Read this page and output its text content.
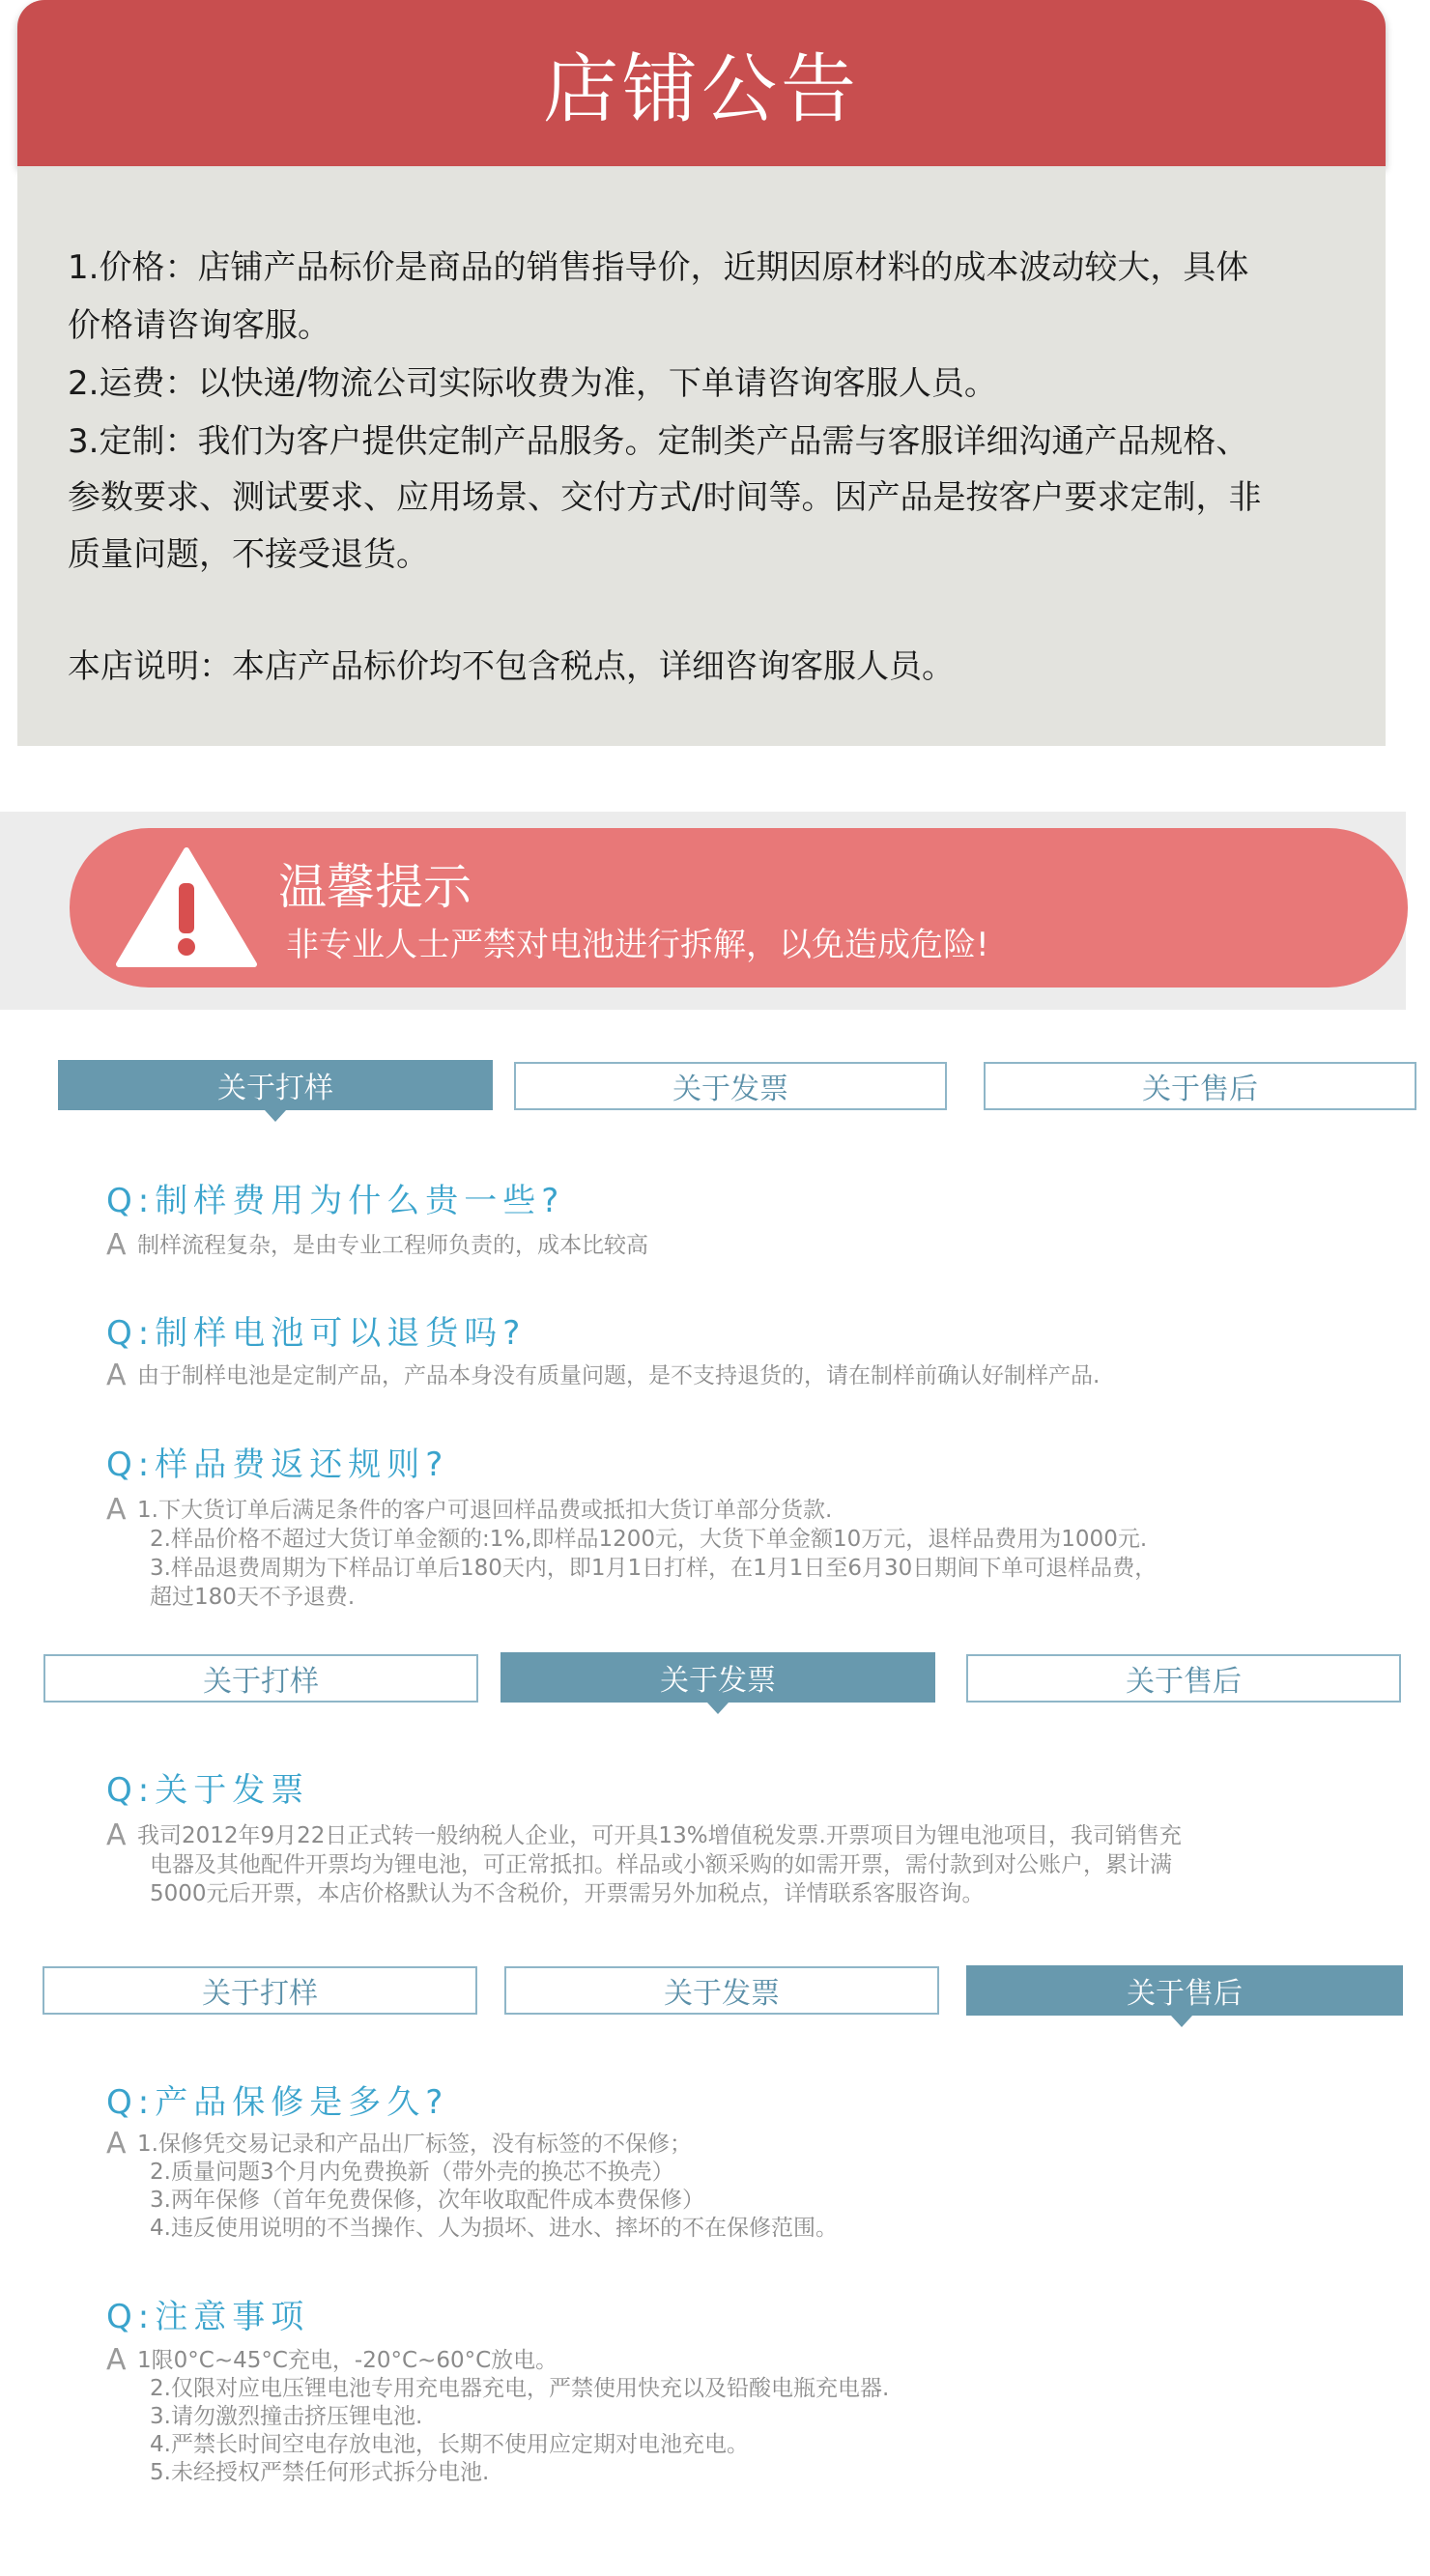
店铺公告
1.价格：店铺产品标价是商品的销售指导价，近期因原材料的成本波动较大，具体
价格请咨询客服。
2.运费：以快递/物流公司实际收费为准，下单请咨询客服人员。
3.定制：我们为客户提供定制产品服务。定制类产品需与客服详细沟通产品规格、
参数要求、测试要求、应用场景、交付方式/时间等。因产品是按客户要求定制，非
质量问题，不接受退货。
本店说明：本店产品标价均不包含税点，详细咨询客服人员。
温馨提示
非专业人士严禁对电池进行拆解，以免造成危险!
关于打样	关于发票	关于售后
Q:制样费用为什么贵一些?
A 制样流程复杂，是由专业工程师负责的，成本比较高
Q:制样电池可以退货吗?
A 由于制样电池是定制产品，产品本身没有质量问题，是不支持退货的，请在制样前确认好制样产品.
Q:样品费返还规则?
A 1.下大货订单后满足条件的客户可退回样品费或抵扣大货订单部分货款.
2.样品价格不超过大货订单金额的:1%,即样品1200元，大货下单金额10万元，退样品费用为1000元.
3.样品退费周期为下样品订单后180天内，即1月1日打样，在1月1日至6月30日期间下单可退样品费，
超过180天不予退费.
关于打样	关于发票	关于售后
Q:关于发票
A 我司2012年9月22日正式转一般纳税人企业，可开具13%增值税发票.开票项目为锂电池项目，我司销售充
电器及其他配件开票均为锂电池，可正常抵扣。样品或小额采购的如需开票，需付款到对公账户，累计满
5000元后开票，本店价格默认为不含税价，开票需另外加税点，详情联系客服咨询。
关于打样	关于发票	关于售后
Q:产品保修是多久?
A 1.保修凭交易记录和产品出厂标签，没有标签的不保修；
2.质量问题3个月内免费换新（带外壳的换芯不换壳）
3.两年保修（首年免费保修，次年收取配件成本费保修）
4.违反使用说明的不当操作、人为损坏、进水、摔坏的不在保修范围。
Q:注意事项
A 1限0°C~45°C充电，-20°C~60°C放电。
2.仅限对应电压锂电池专用充电器充电，严禁使用快充以及铅酸电瓶充电器.
3.请勿激烈撞击挤压锂电池.
4.严禁长时间空电存放电池，长期不使用应定期对电池充电。
5.未经授权严禁任何形式拆分电池.
